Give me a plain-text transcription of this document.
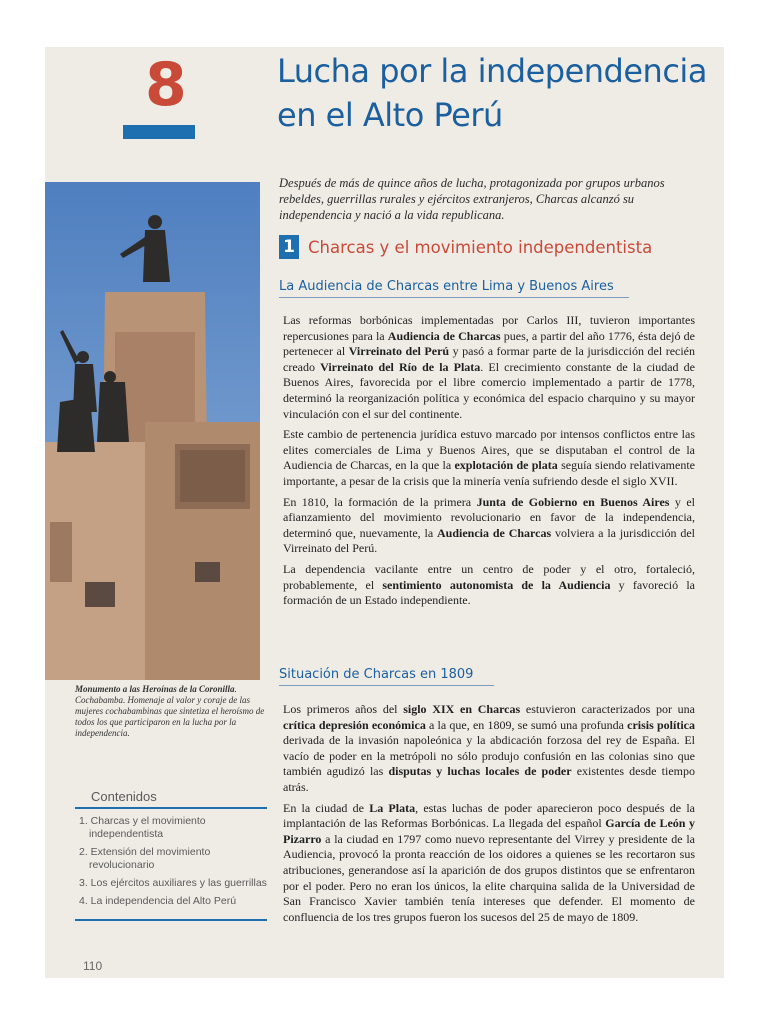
8	Lucha por la independencia
en el Alto Perú
Después de más de quince años de lucha, protagonizada por grupos urbanos rebeldes, guerrillas rurales y ejércitos extranjeros, Charcas alcanzó su independencia y nació a la vida republicana.
Monumento a las Heroínas de la Coronilla. Cochabamba. Homenaje al valor y coraje de las mujeres cochabambinas que sintetiza el heroísmo de todos los que participaron en la lucha por la independencia.
Contenidos
1. Charcas y el movimiento independentista
2. Extensión del movimiento revolucionario
3. Los ejércitos auxiliares y las guerrillas
4. La independencia del Alto Perú
110
1 Charcas y el movimiento independentista
La Audiencia de Charcas entre Lima y Buenos Aires

Las reformas borbónicas implementadas por Carlos III, tuvieron importantes repercusiones para la Audiencia de Charcas pues, a partir del año 1776, ésta dejó de pertenecer al Virreinato del Perú y pasó a formar parte de la jurisdicción del recién creado Virreinato del Río de la Plata. El crecimiento constante de la ciudad de Buenos Aires, favorecida por el libre comercio implementado a partir de 1778, determinó la reorganización política y económica del espacio charquino y su mayor vinculación con el sur del continente.

Este cambio de pertenencia jurídica estuvo marcado por intensos conflictos entre las elites comerciales de Lima y Buenos Aires, que se disputaban el control de la Audiencia de Charcas, en la que la explotación de plata seguía siendo relativamente importante, a pesar de la crisis que la minería venía sufriendo desde el siglo XVII.

En 1810, la formación de la primera Junta de Gobierno en Buenos Aires y el afianzamiento del movimiento revolucionario en favor de la independencia, determinó que, nuevamente, la Audiencia de Charcas volviera a la jurisdicción del Virreinato del Perú.

La dependencia vacilante entre un centro de poder y el otro, fortaleció, probablemente, el sentimiento autonomista de la Audiencia y favoreció la formación de un Estado independiente.

Situación de Charcas en 1809

Los primeros años del siglo XIX en Charcas estuvieron caracterizados por una crítica depresión económica a la que, en 1809, se sumó una profunda crisis política derivada de la invasión napoleónica y la abdicación forzosa del rey de España. El vacío de poder en la metrópoli no sólo produjo confusión en las colonias sino que también agudizó las disputas y luchas locales de poder existentes desde tiempo atrás.

En la ciudad de La Plata, estas luchas de poder aparecieron poco después de la implantación de las Reformas Borbónicas. La llegada del español García de León y Pizarro a la ciudad en 1797 como nuevo representante del Virrey y presidente de la Audiencia, provocó la pronta reacción de los oidores a quienes se les recortaron sus atribuciones, generandose así la aparición de dos grupos distintos que se enfrentaron por el poder. Pero no eran los únicos, la elite charquina salida de la Universidad de San Francisco Xavier también tenía intereses que defender. El momento de confluencia de los tres grupos fueron los sucesos del 25 de mayo de 1809.
